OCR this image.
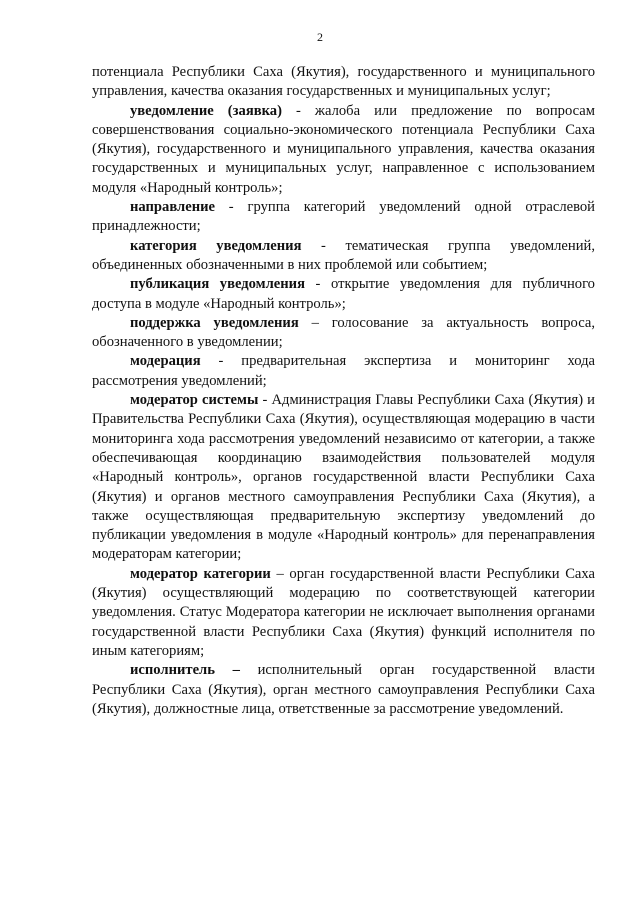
2

потенциала Республики Саха (Якутия), государственного и муниципального управления, качества оказания государственных и муниципальных услуг;

уведомление (заявка) - жалоба или предложение по вопросам совершенствования социально-экономического потенциала Республики Саха (Якутия), государственного и муниципального управления, качества оказания государственных и муниципальных услуг, направленное с использованием модуля «Народный контроль»;

направление - группа категорий уведомлений одной отраслевой принадлежности;

категория уведомления - тематическая группа уведомлений, объединенных обозначенными в них проблемой или событием;

публикация уведомления - открытие уведомления для публичного доступа в модуле «Народный контроль»;

поддержка уведомления – голосование за актуальность вопроса, обозначенного в уведомлении;

модерация - предварительная экспертиза и мониторинг хода рассмотрения уведомлений;

модератор системы - Администрация Главы Республики Саха (Якутия) и Правительства Республики Саха (Якутия), осуществляющая модерацию в части мониторинга хода рассмотрения уведомлений независимо от категории, а также обеспечивающая координацию взаимодействия пользователей модуля «Народный контроль», органов государственной власти Республики Саха (Якутия) и органов местного самоуправления Республики Саха (Якутия), а также осуществляющая предварительную экспертизу уведомлений до публикации уведомления в модуле «Народный контроль» для перенаправления модераторам категории;

модератор категории – орган государственной власти Республики Саха (Якутия) осуществляющий модерацию по соответствующей категории уведомления. Статус Модератора категории не исключает выполнения органами государственной власти Республики Саха (Якутия) функций исполнителя по иным категориям;

исполнитель – исполнительный орган государственной власти Республики Саха (Якутия), орган местного самоуправления Республики Саха (Якутия), должностные лица, ответственные за рассмотрение уведомлений.
